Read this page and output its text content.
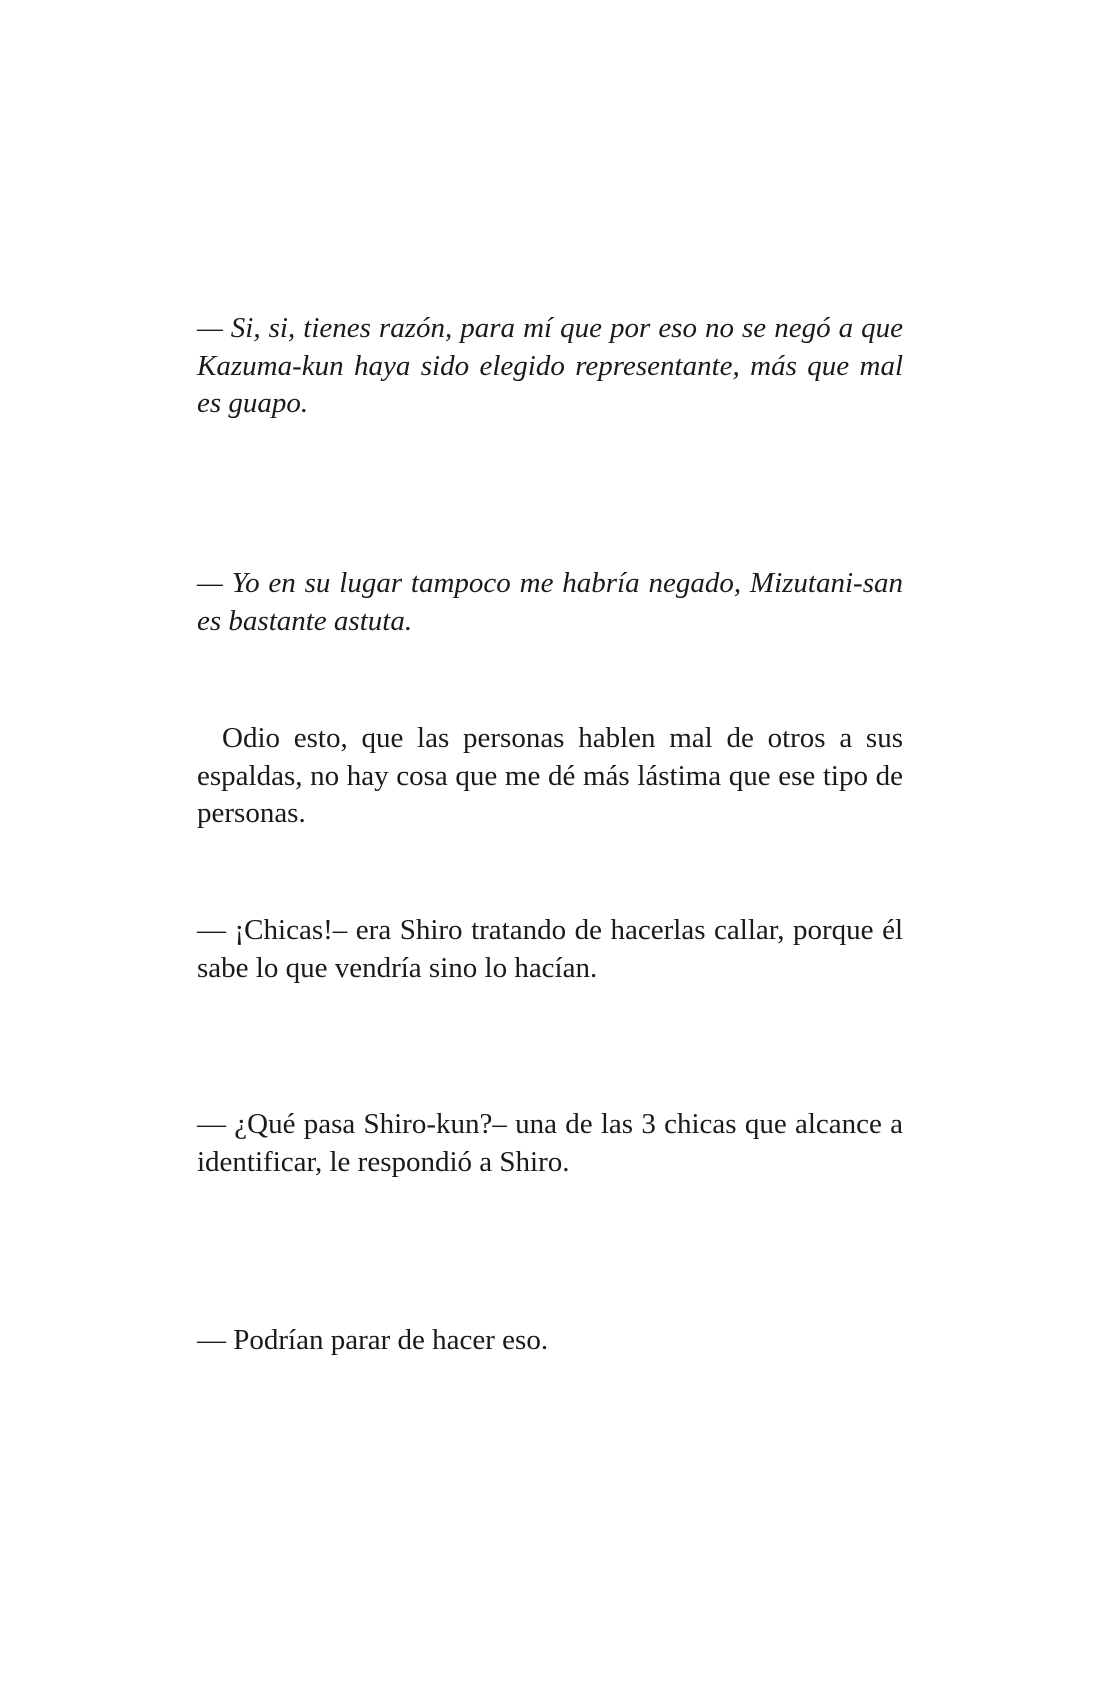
— Si, si, tienes razón, para mí que por eso no se negó a que Kazuma-kun haya sido elegido representante, más que mal es guapo.

— Yo en su lugar tampoco me habría negado, Mizutani-san es bastante astuta.

Odio esto, que las personas hablen mal de otros a sus espaldas, no hay cosa que me dé más lástima que ese tipo de personas.

— ¡Chicas!– era Shiro tratando de hacerlas callar, porque él sabe lo que vendría sino lo hacían.

— ¿Qué pasa Shiro-kun?– una de las 3 chicas que alcance a identificar, le respondió a Shiro.

— Podrían parar de hacer eso.
